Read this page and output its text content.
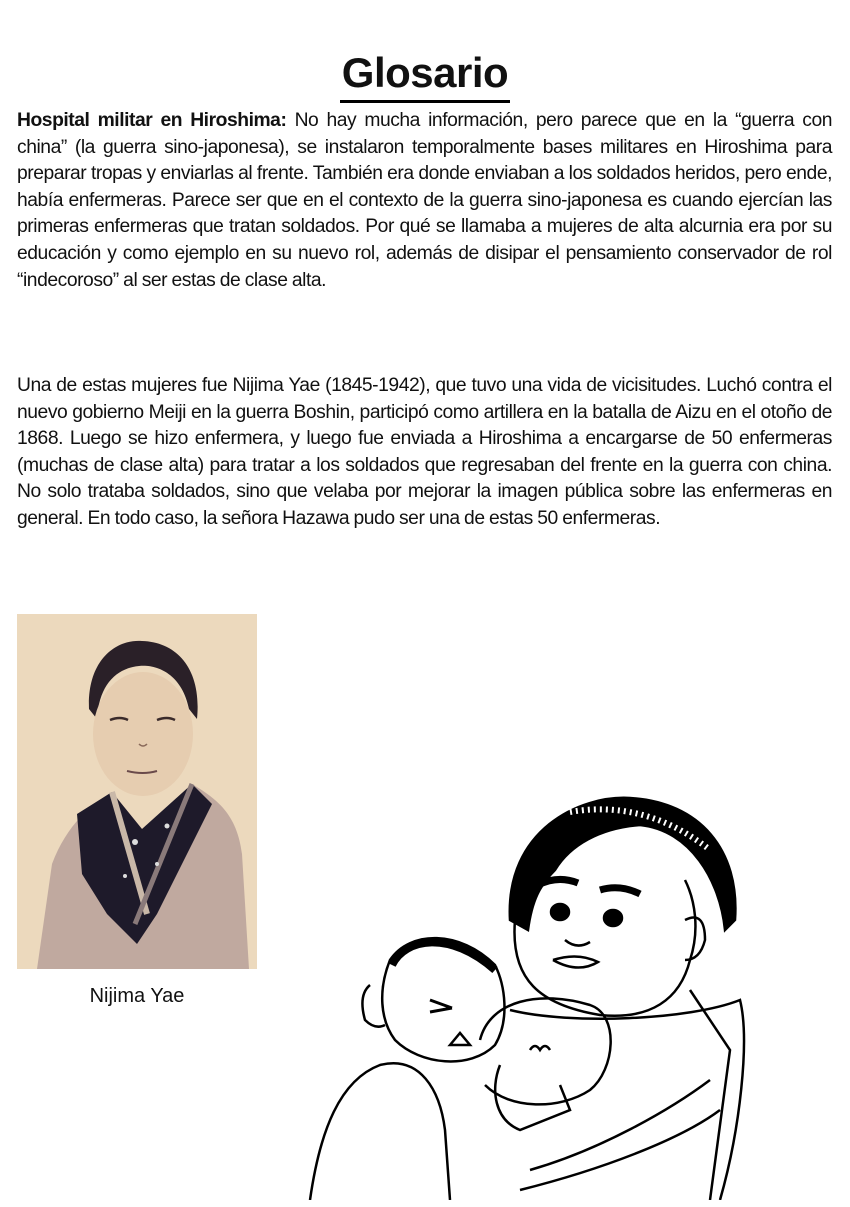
Glosario
Hospital militar en Hiroshima: No hay mucha información, pero parece que en la “guerra con china” (la guerra sino-japonesa), se instalaron temporalmente bases militares en Hiroshima para preparar tropas y enviarlas al frente. También era donde enviaban a los soldados heridos, pero ende, había enfermeras. Parece ser que en el contexto de la guerra sino-japonesa es cuando ejercían las primeras enfermeras que tratan soldados. Por qué se llamaba a mujeres de alta alcurnia era por su educación y como ejemplo en su nuevo rol, además de disipar el pensamiento conservador de rol “indecoroso” al ser estas de clase alta.
Una de estas mujeres fue Nijima Yae (1845-1942), que tuvo una vida de vicisitudes. Luchó contra el nuevo gobierno Meiji en la guerra Boshin, participó como artillera en la batalla de Aizu en el otoño de 1868. Luego se hizo enfermera, y luego fue enviada a Hiroshima a encargarse de 50 enfermeras (muchas de clase alta) para tratar a los soldados que regresaban del frente en la guerra con china. No solo trataba soldados, sino que velaba por mejorar la imagen pública sobre las enfermeras en general. En todo caso, la señora Hazawa pudo ser una de estas 50 enfermeras.
Nijima Yae
